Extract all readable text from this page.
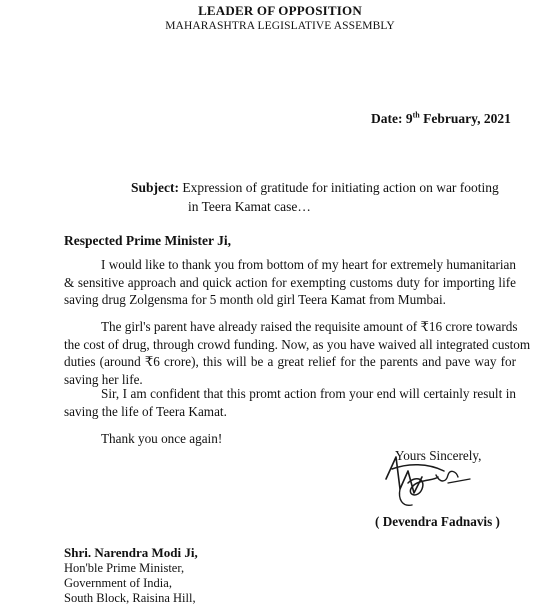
LEADER OF OPPOSITION

MAHARASHTRA LEGISLATIVE ASSEMBLY

Date: 9th February, 2021

Subject: Expression of gratitude for initiating action on war footing
in Teera Kamat case…

Respected Prime Minister Ji,

I would like to thank you from bottom of my heart for extremely humanitarian
& sensitive approach and quick action for exempting customs duty for importing life
saving drug Zolgensma for 5 month old girl Teera Kamat from Mumbai.
The girl's parent have already raised the requisite amount of ₹16 crore towards
the cost of drug, through crowd funding. Now, as you have waived all integrated custom
duties (around ₹6 crore), this will be a great relief for the parents and pave way for
saving her life.
Sir, I am confident that this promt action from your end will certainly result in
saving the life of Teera Kamat.

Thank you once again!

Yours Sincerely,

( Devendra Fadnavis )

Shri. Narendra Modi Ji,

Hon'ble Prime Minister,

Government of India,

South Block, Raisina Hill,
